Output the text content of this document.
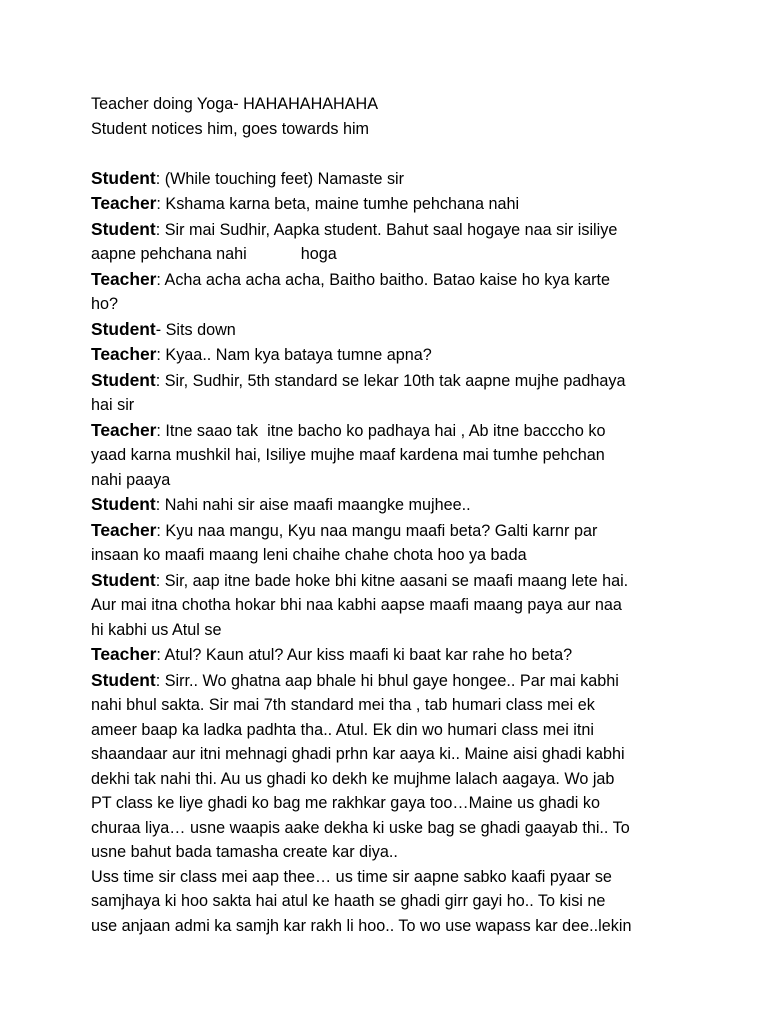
Teacher doing Yoga- HAHAHAHAHAHA
Student notices him, goes towards him
Student: (While touching feet) Namaste sir
Teacher: Kshama karna beta, maine tumhe pehchana nahi
Student: Sir mai Sudhir, Aapka student. Bahut saal hogaye naa sir isiliye
aapne pehchana nahi            hoga
Teacher: Acha acha acha acha, Baitho baitho. Batao kaise ho kya karte
ho?
Student- Sits down
Teacher: Kyaa.. Nam kya bataya tumne apna?
Student: Sir, Sudhir, 5th standard se lekar 10th tak aapne mujhe padhaya
hai sir
Teacher: Itne saao tak  itne bacho ko padhaya hai , Ab itne bacccho ko
yaad karna mushkil hai, Isiliye mujhe maaf kardena mai tumhe pehchan
nahi paaya
Student: Nahi nahi sir aise maafi maangke mujhee..
Teacher: Kyu naa mangu, Kyu naa mangu maafi beta? Galti karnr par
insaan ko maafi maang leni chaihe chahe chota hoo ya bada
Student: Sir, aap itne bade hoke bhi kitne aasani se maafi maang lete hai.
Aur mai itna chotha hokar bhi naa kabhi aapse maafi maang paya aur naa
hi kabhi us Atul se
Teacher: Atul? Kaun atul? Aur kiss maafi ki baat kar rahe ho beta?
Student: Sirr.. Wo ghatna aap bhale hi bhul gaye hongee.. Par mai kabhi
nahi bhul sakta. Sir mai 7th standard mei tha , tab humari class mei ek
ameer baap ka ladka padhta tha.. Atul. Ek din wo humari class mei itni
shaandaar aur itni mehnagi ghadi prhn kar aaya ki.. Maine aisi ghadi kabhi
dekhi tak nahi thi. Au us ghadi ko dekh ke mujhme lalach aagaya. Wo jab
PT class ke liye ghadi ko bag me rakhkar gaya too…Maine us ghadi ko
churaa liya… usne waapis aake dekha ki uske bag se ghadi gaayab thi.. To
usne bahut bada tamasha create kar diya..
Uss time sir class mei aap thee… us time sir aapne sabko kaafi pyaar se
samjhaya ki hoo sakta hai atul ke haath se ghadi girr gayi ho.. To kisi ne
use anjaan admi ka samjh kar rakh li hoo.. To wo use wapass kar dee..lekin
